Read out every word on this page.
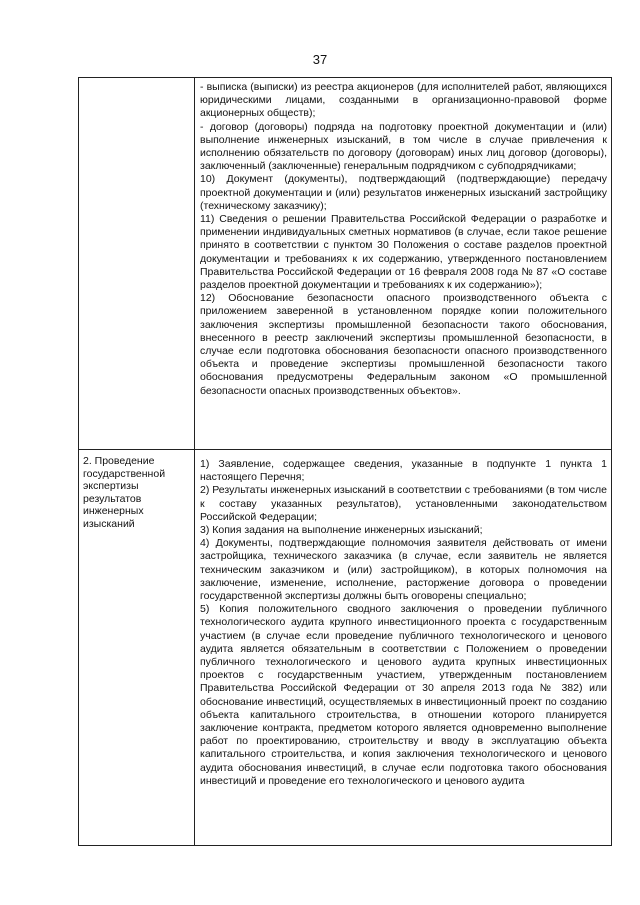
37

- выписка (выписки) из реестра акционеров (для исполнителей работ, являющихся юридическими лицами, созданными в организационно-правовой форме акционерных обществ);

- договор (договоры) подряда на подготовку проектной документации и (или) выполнение инженерных изысканий, в том числе в случае привлечения к исполнению обязательств по договору (договорам) иных лиц договор (договоры), заключенный (заключенные) генеральным подрядчиком с субподрядчиками;

10) Документ (документы), подтверждающий (подтверждающие) передачу проектной документации и (или) результатов инженерных изысканий застройщику (техническому заказчику);

11) Сведения о решении Правительства Российской Федерации о разработке и применении индивидуальных сметных нормативов (в случае, если такое решение принято в соответствии с пунктом 30 Положения о составе разделов проектной документации и требованиях к их содержанию, утвержденного постановлением Правительства Российской Федерации от 16 февраля 2008 года № 87 «О составе разделов проектной документации и требованиях к их содержанию»);

12) Обоснование безопасности опасного производственного объекта с приложением заверенной в установленном порядке копии положительного заключения экспертизы промышленной безопасности такого обоснования, внесенного в реестр заключений экспертизы промышленной безопасности, в случае если подготовка обоснования безопасности опасного производственного объекта и проведение экспертизы промышленной безопасности такого обоснования предусмотрены Федеральным законом «О промышленной безопасности опасных производственных объектов».

2. Проведение государственной экспертизы результатов инженерных изысканий

1) Заявление, содержащее сведения, указанные в подпункте 1 пункта 1 настоящего Перечня;

2) Результаты инженерных изысканий в соответствии с требованиями (в том числе к составу указанных результатов), установленными законодательством Российской Федерации;

3) Копия задания на выполнение инженерных изысканий;

4) Документы, подтверждающие полномочия заявителя действовать от имени застройщика, технического заказчика (в случае, если заявитель не является техническим заказчиком и (или) застройщиком), в которых полномочия на заключение, изменение, исполнение, расторжение договора о проведении государственной экспертизы должны быть оговорены специально;

5) Копия положительного сводного заключения о проведении публичного технологического аудита крупного инвестиционного проекта с государственным участием (в случае если проведение публичного технологического и ценового аудита является обязательным в соответствии с Положением о проведении публичного технологического и ценового аудита крупных инвестиционных проектов с государственным участием, утвержденным постановлением Правительства Российской Федерации от 30 апреля 2013 года № 382) или обоснование инвестиций, осуществляемых в инвестиционный проект по созданию объекта капитального строительства, в отношении которого планируется заключение контракта, предметом которого является одновременно выполнение работ по проектированию, строительству и вводу в эксплуатацию объекта капитального строительства, и копия заключения технологического и ценового аудита обоснования инвестиций, в случае если подготовка такого обоснования инвестиций и проведение его технологического и ценового аудита
